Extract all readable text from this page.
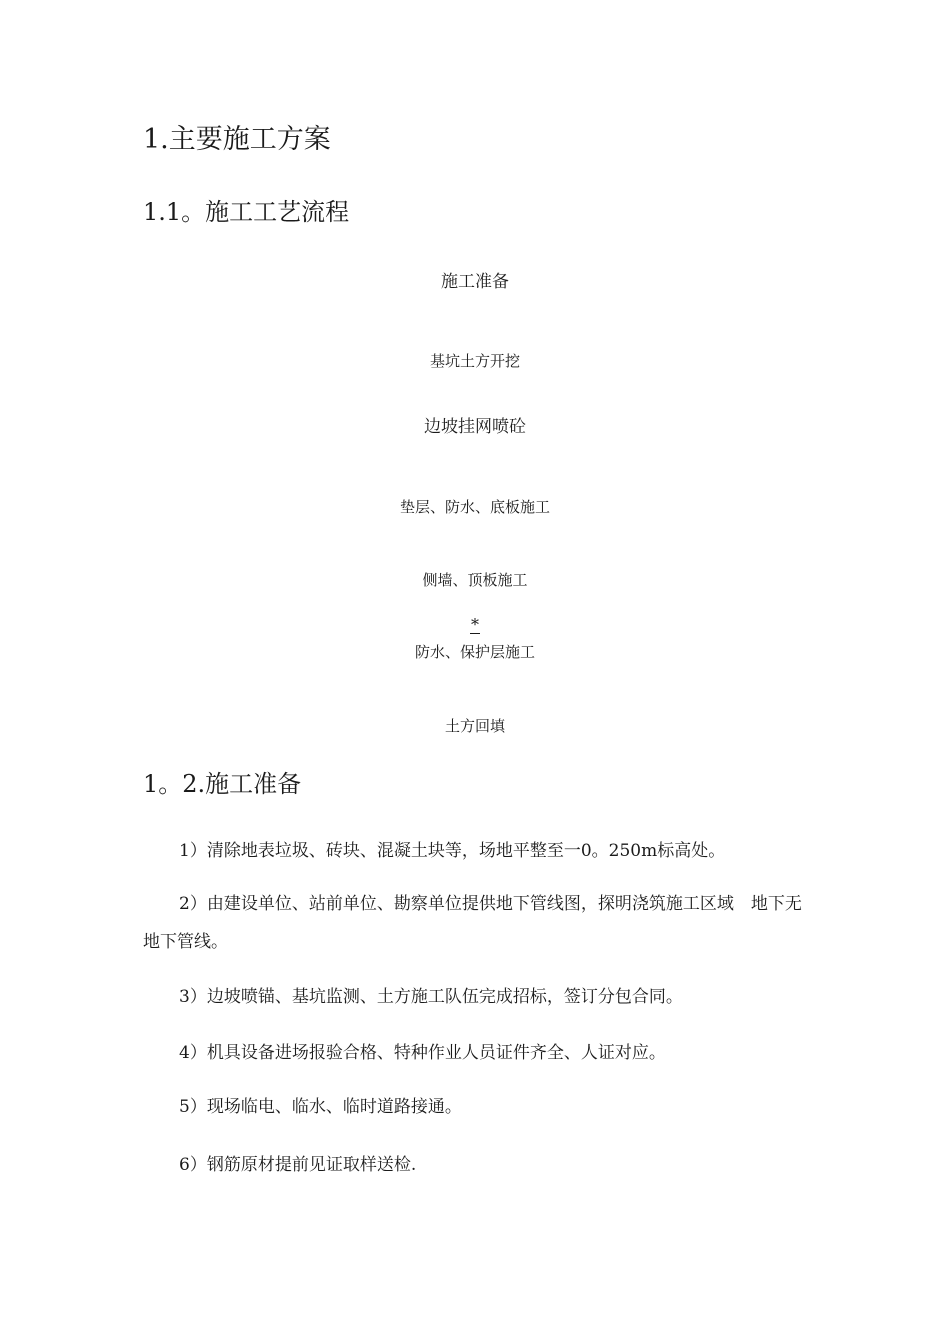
1.主要施工方案
1.1。施工工艺流程
施工准备
基坑土方开挖
边坡挂网喷砼
垫层、防水、底板施工
侧墙、顶板施工
*
防水、保护层施工
土方回填
1。2.施工准备
1）清除地表垃圾、砖块、混凝土块等，场地平整至一0。250m标高处。
2）由建设单位、站前单位、勘察单位提供地下管线图，探明浇筑施工区域　地下无地下管线。
3）边坡喷锚、基坑监测、土方施工队伍完成招标，签订分包合同。
4）机具设备进场报验合格、特种作业人员证件齐全、人证对应。
5）现场临电、临水、临时道路接通。
6）钢筋原材提前见证取样送检.
